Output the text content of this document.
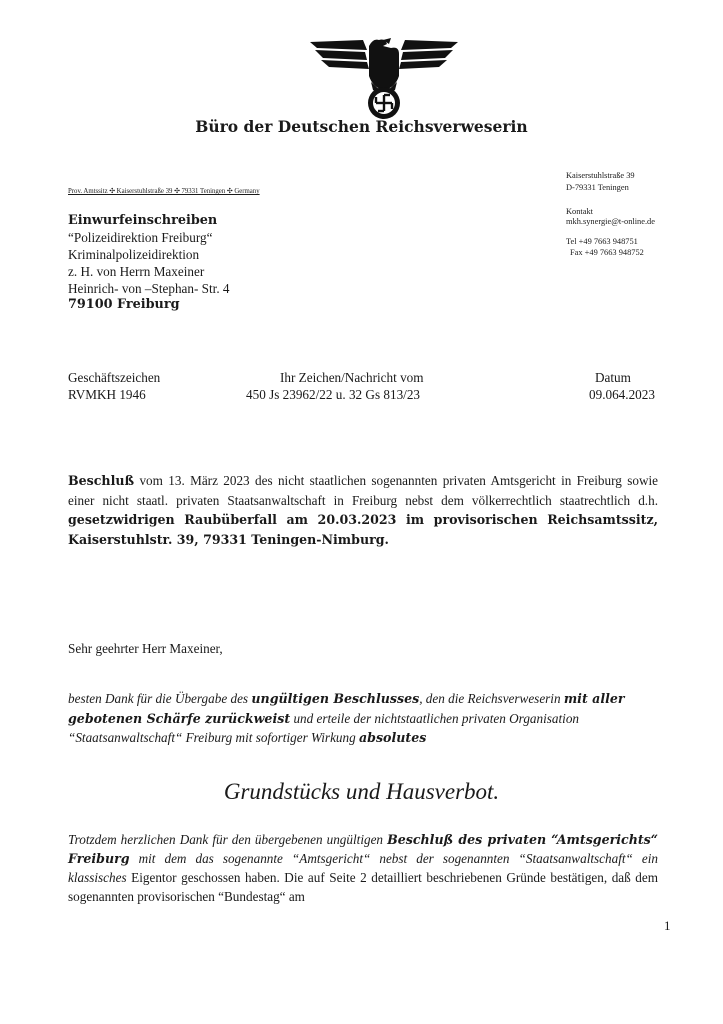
Büro der Deutschen Reichsverweserin
Prov. Amtssitz ✣ Kaiserstuhlstraße 39 ✣ 79331 Teningen ✣ Germany
Kaiserstuhlstraße 39
D-79331 Teningen
Kontakt
mkh.synergie@t-online.de
Tel +49 7663 948751
Fax +49 7663 948752
Einwurfeinschreiben
“Polizeidirektion Freiburg“
Kriminalpolizeidirektion
z. H. von Herrn Maxeiner
Heinrich- von –Stephan- Str. 4
79100 Freiburg
Geschäftszeichen
RVMKH 1946
Ihr Zeichen/Nachricht vom
450 Js 23962/22 u. 32 Gs 813/23
Datum
09.064.2023
Beschluß vom 13. März 2023 des nicht staatlichen sogenannten privaten Amtsgericht in Freiburg sowie einer nicht staatl. privaten Staatsanwaltschaft in Freiburg nebst dem völkerrechtlich staatrechtlich d.h. gesetzwidrigen Raubüberfall am 20.03.2023 im provisorischen Reichsamtssitz, Kaiserstuhlstr. 39, 79331 Teningen-Nimburg.
Sehr geehrter Herr Maxeiner,
besten Dank für die Übergabe des ungültigen Beschlusses, den die Reichsverweserin mit aller gebotenen Schärfe zurückweist und erteile der nichtstaatlichen privaten Organisation “Staatsanwaltschaft“ Freiburg mit sofortiger Wirkung absolutes
Grundstücks und Hausverbot.
Trotzdem herzlichen Dank für den übergebenen ungültigen Beschluß des privaten “Amtsgerichts“ Freiburg mit dem das sogenannte “Amtsgericht“ nebst der sogenannten “Staatsanwaltschaft“ ein klassisches Eigentor geschossen haben. Die auf Seite 2 detailliert beschriebenen Gründe bestätigen, daß dem sogenannten provisorischen “Bundestag“ am
1
